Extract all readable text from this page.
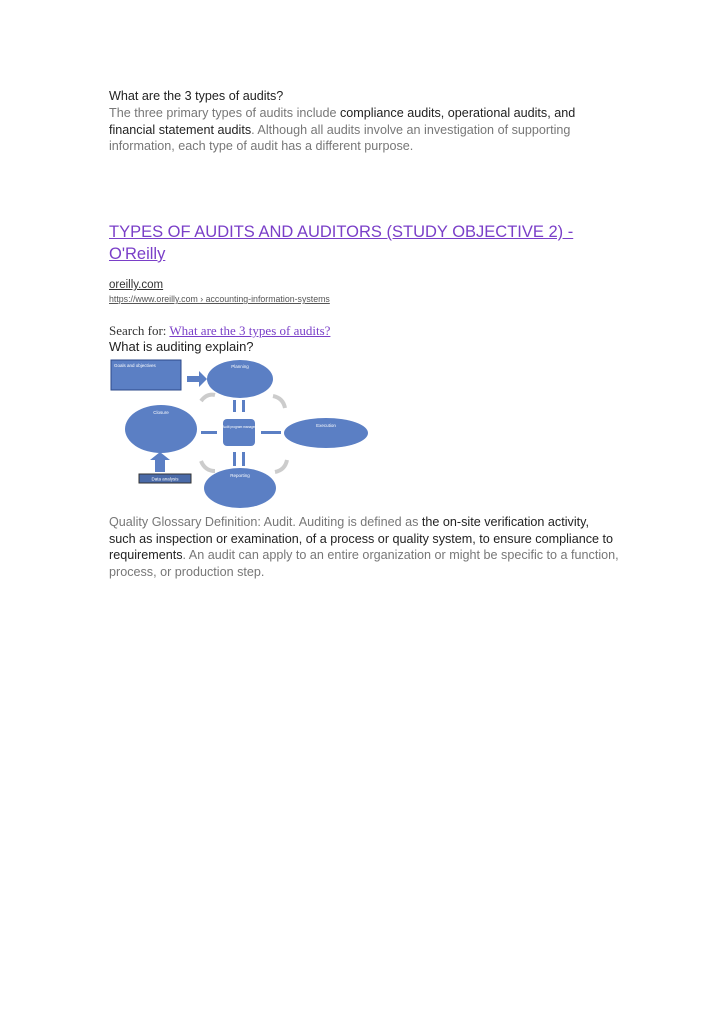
What are the 3 types of audits?
The three primary types of audits include compliance audits, operational audits, and financial statement audits. Although all audits involve an investigation of supporting information, each type of audit has a different purpose.
TYPES OF AUDITS AND AUDITORS (STUDY OBJECTIVE 2) - O'Reilly
oreilly.com
https://www.oreilly.com › accounting-information-systems
Search for: What are the 3 types of audits?
What is auditing explain?
Goals and objectives	Planning
Closure
Audit program manager	Execution
Reporting
Data analysis
Quality Glossary Definition: Audit. Auditing is defined as the on-site verification activity, such as inspection or examination, of a process or quality system, to ensure compliance to requirements. An audit can apply to an entire organization or might be specific to a function, process, or production step.
